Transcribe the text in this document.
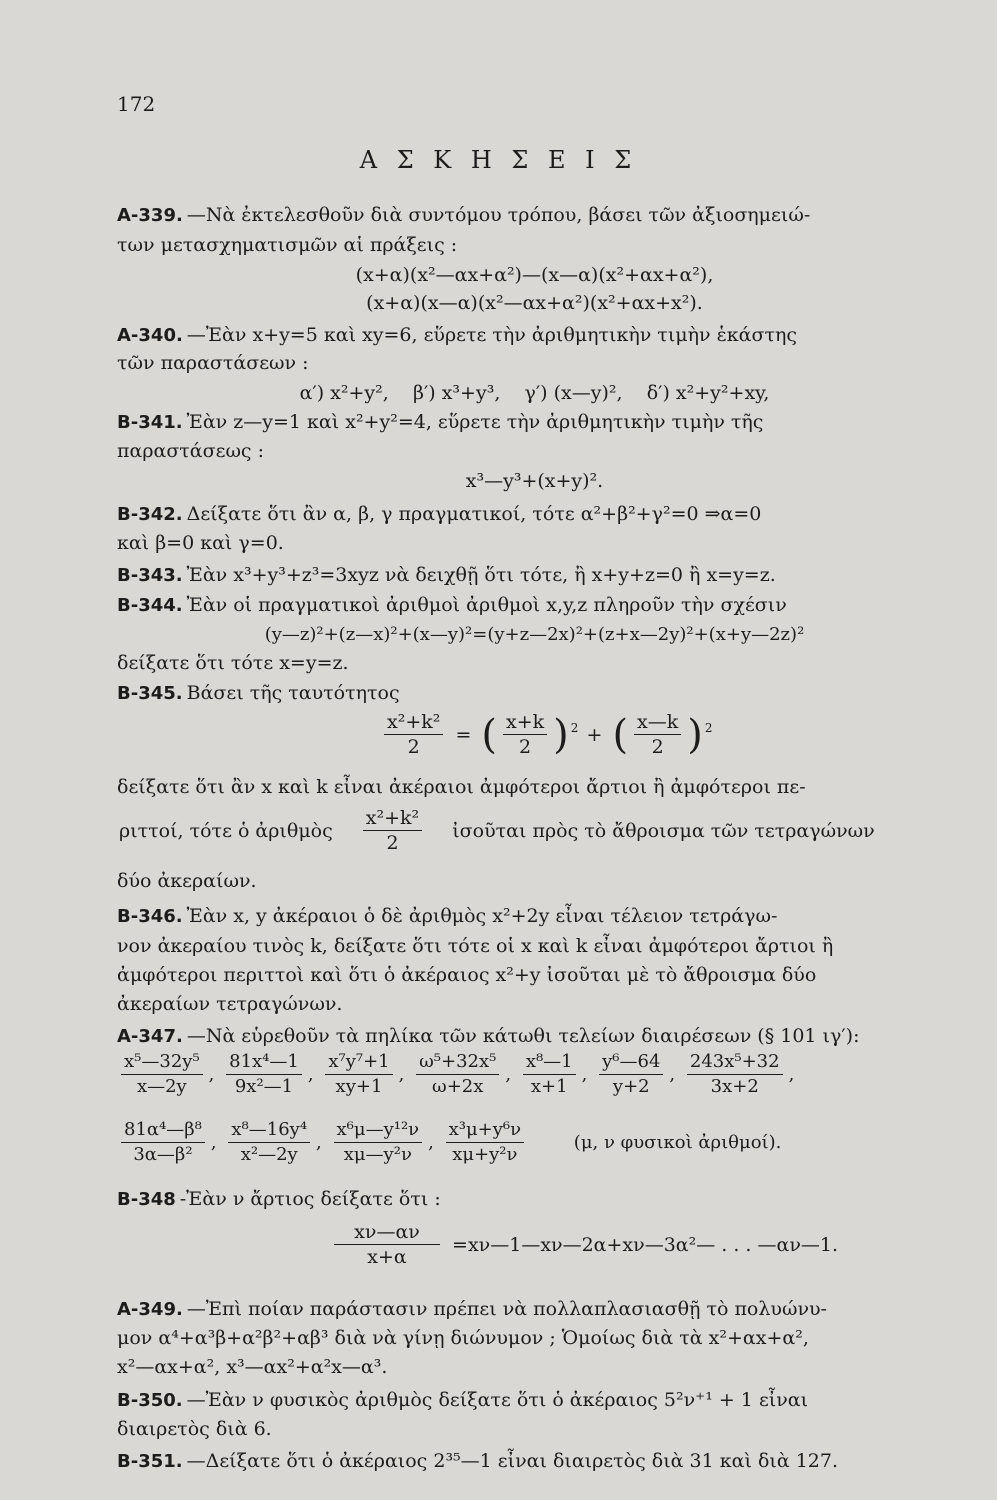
172
Α Σ Κ Η Σ Ε Ι Σ
A-339. —Νὰ ἐκτελεσθοῦν διὰ συντόμου τρόπου, βάσει τῶν ἀξιοσημειώ-
των μετασχηματισμῶν αἱ πράξεις :
(x+α)(x²—αx+α²)—(x—α)(x²+αx+α²),
(x+α)(x—α)(x²—αx+α²)(x²+αx+x²).
A-340. —Ἐὰν x+y=5 καὶ xy=6, εὕρετε τὴν ἀριθμητικὴν τιμὴν ἑκάστης
τῶν παραστάσεων :
α′) x²+y²,    β′) x³+y³,    γ′) (x—y)²,    δ′) x²+y²+xy,
B-341. Ἐὰν z—y=1 καὶ x²+y²=4, εὕρετε τὴν ἀριθμητικὴν τιμὴν τῆς
παραστάσεως :
x³—y³+(x+y)².
B-342. Δείξατε ὅτι ἂν α, β, γ πραγματικοί, τότε α²+β²+γ²=0 ⇒α=0
καὶ β=0 καὶ γ=0.
B-343. Ἐὰν x³+y³+z³=3xyz νὰ δειχθῇ ὅτι τότε, ἢ x+y+z=0 ἢ x=y=z.
B-344. Ἐὰν οἱ πραγματικοὶ ἀριθμοὶ ἀριθμοὶ x,y,z πληροῦν τὴν σχέσιν
(y—z)²+(z—x)²+(x—y)²=(y+z—2x)²+(z+x—2y)²+(x+y—2z)²
δείξατε ὅτι τότε x=y=z.
B-345. Βάσει τῆς ταυτότητος
$\frac{\text{x²+k²}}{2}$ = ( $\frac{x+k}{2}$ ) $^2$ + ( $\frac{x—k}{2}$ ) $^2$
δείξατε ὅτι ἂν x καὶ k εἶναι ἀκέραιοι ἀμφότεροι ἄρτιοι ἢ ἀμφότεροι πε-
ριττοί, τότε ὁ ἀριθμὸς $\frac{\text{x²+k²}}{2}$ ἰσοῦται πρὸς τὸ ἄθροισμα τῶν τετραγώνων
δύο ἀκεραίων.
B-346. Ἐὰν x, y ἀκέραιοι ὁ δὲ ἀριθμὸς x²+2y εἶναι τέλειον τετράγω-
νον ἀκεραίου τινὸς k, δείξατε ὅτι τότε οἱ x καὶ k εἶναι ἀμφότεροι ἄρτιοι ἢ
ἀμφότεροι περιττοὶ καὶ ὅτι ὁ ἀκέραιος x²+y ἰσοῦται μὲ τὸ ἄθροισμα δύο
ἀκεραίων τετραγώνων.
A-347. —Νὰ εὑρεθοῦν τὰ πηλίκα τῶν κάτωθι τελείων διαιρέσεων (§ 101 ιγ′):
$\frac{\text{x⁵—32y⁵}}{x—2y}$ , $\frac{\text{81x⁴—1}}{\text{9x²—1}}$ , $\frac{\text{x⁷y⁷+1}}{xy+1}$ , $\frac{\text{ω⁵+32x⁵}}{\omega+2x}$ , $\frac{\text{x⁸—1}}{x+1}$ , $\frac{\text{y⁶—64}}{y+2}$ , $\frac{\text{243x⁵+32}}{3x+2}$ ,
$\frac{\text{81α⁴—β⁸}}{\text{3α—β²}}$ , $\frac{\text{x⁸—16y⁴}}{\text{x²—2y}}$ , $\frac{\text{x⁶μ—y¹²ν}}{\text{xμ—y²ν}}$ , $\frac{\text{x³μ+y⁶ν}}{\text{xμ+y²ν}}$	(μ, ν φυσικοὶ ἀριθμοί).
B-348 -Ἐὰν ν ἄρτιος δείξατε ὅτι :
$\frac{x\nu—\alpha\nu}{x+\alpha}$ =xν—1—xν—2α+xν—3α²— . . . —αν—1.
A-349. —Ἐπὶ ποίαν παράστασιν πρέπει νὰ πολλαπλασιασθῇ τὸ πολυώνυ-
μον α⁴+α³β+α²β²+αβ³ διὰ νὰ γίνῃ διώνυμον ; Ὁμοίως διὰ τὰ x²+αx+α²,
x²—αx+α², x³—αx²+α²x—α³.
B-350. —Ἐὰν ν φυσικὸς ἀριθμὸς δείξατε ὅτι ὁ ἀκέραιος 5²ν⁺¹ + 1 εἶναι
διαιρετὸς διὰ 6.
B-351. —Δείξατε ὅτι ὁ ἀκέραιος 2³⁵—1 εἶναι διαιρετὸς διὰ 31 καὶ διὰ 127.
